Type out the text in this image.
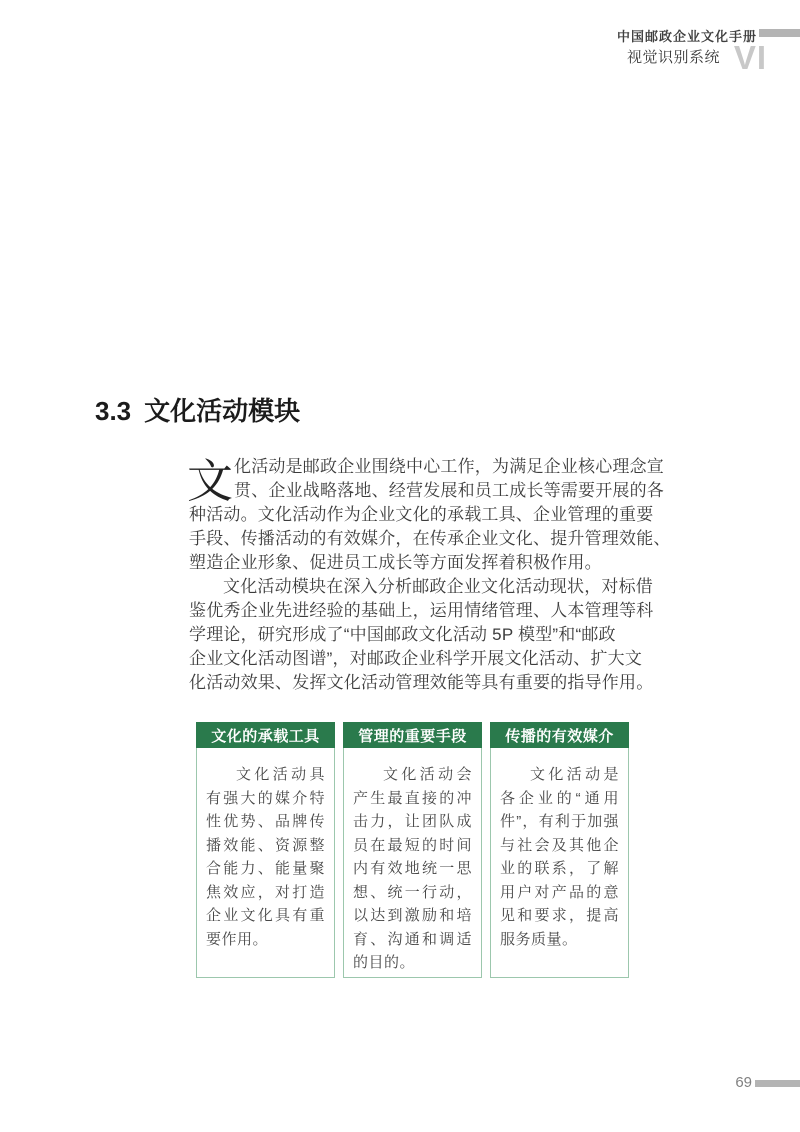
中国邮政企业文化手册
视觉识别系统 VI
3.3 文化活动模块
文 化活动是邮政企业围绕中心工作，为满足企业核心理念宣
贯、企业战略落地、经营发展和员工成长等需要开展的各
种活动。文化活动作为企业文化的承载工具、企业管理的重要
手段、传播活动的有效媒介，在传承企业文化、提升管理效能、
塑造企业形象、促进员工成长等方面发挥着积极作用。
文化活动模块在深入分析邮政企业文化活动现状，对标借
鉴优秀企业先进经验的基础上，运用情绪管理、人本管理等科
学理论，研究形成了“中国邮政文化活动 5P 模型”和“邮政
企业文化活动图谱”，对邮政企业科学开展文化活动、扩大文
化活动效果、发挥文化活动管理效能等具有重要的指导作用。
文化的承载工具
文化活动具有强大的媒介特性优势、品牌传播效能、资源整合能力、能量聚焦效应，对打造企业文化具有重要作用。
管理的重要手段
文化活动会产生最直接的冲击力，让团队成员在最短的时间内有效地统一思想、统一行动，以达到激励和培育、沟通和调适的目的。
传播的有效媒介
文化活动是各企业的“通用件”，有利于加强与社会及其他企业的联系，了解用户对产品的意见和要求，提高服务质量。
69
